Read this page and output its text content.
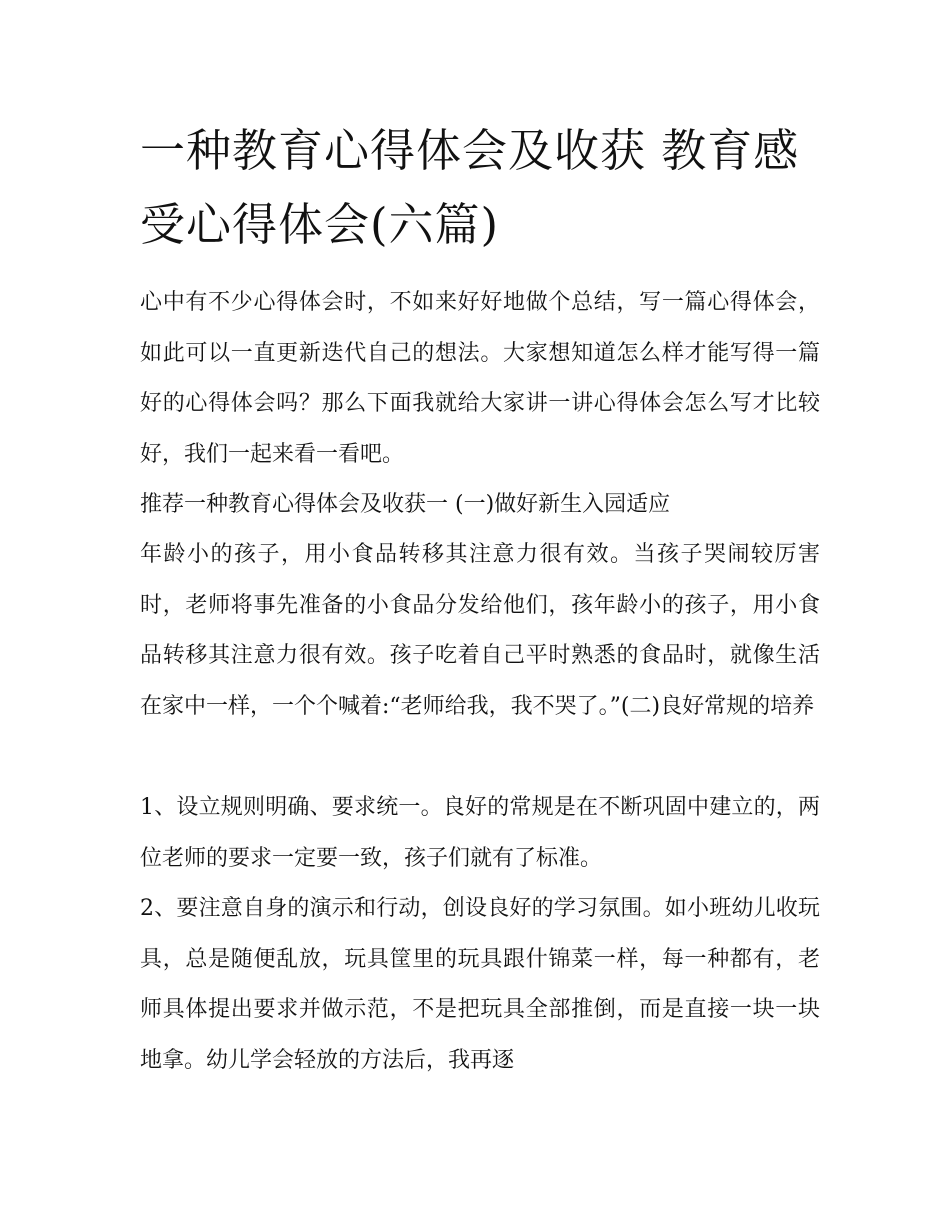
一种教育心得体会及收获 教育感受心得体会(六篇)

心中有不少心得体会时，不如来好好地做个总结，写一篇心得体会，如此可以一直更新迭代自己的想法。大家想知道怎么样才能写得一篇好的心得体会吗？那么下面我就给大家讲一讲心得体会怎么写才比较好，我们一起来看一看吧。

推荐一种教育心得体会及收获一 (一)做好新生入园适应

年龄小的孩子，用小食品转移其注意力很有效。当孩子哭闹较厉害时，老师将事先准备的小食品分发给他们，孩年龄小的孩子，用小食品转移其注意力很有效。孩子吃着自己平时熟悉的食品时，就像生活在家中一样，一个个喊着:“老师给我，我不哭了。”(二)良好常规的培养

1、设立规则明确、要求统一。良好的常规是在不断巩固中建立的，两位老师的要求一定要一致，孩子们就有了标准。

2、要注意自身的演示和行动，创设良好的学习氛围。如小班幼儿收玩具，总是随便乱放，玩具筐里的玩具跟什锦菜一样，每一种都有，老师具体提出要求并做示范，不是把玩具全部推倒，而是直接一块一块地拿。幼儿学会轻放的方法后，我再逐
